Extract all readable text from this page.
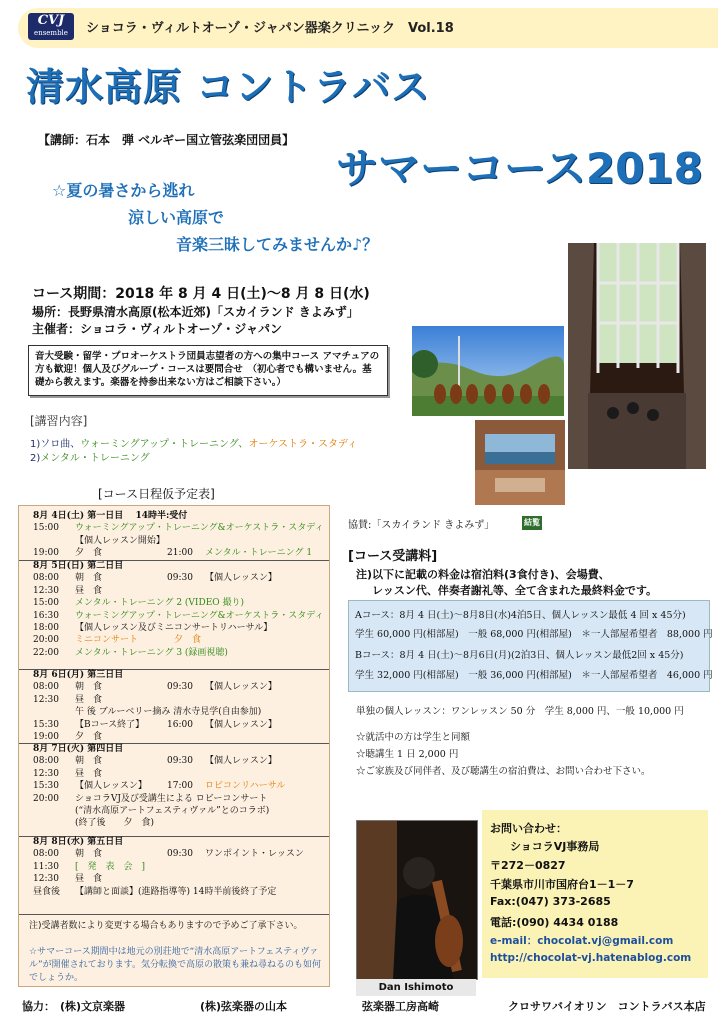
CVJ
ensemble	ショコラ・ヴィルトオーゾ・ジャパン器楽クリニック　Vol.18
清水高原 コントラバス
【講師：石本　弾 ベルギー国立管弦楽団団員】
サマーコース2018
☆夏の暑さから逃れ
涼しい高原で
音楽三昧してみませんか♪？
コース期間：2018 年 8 月 4 日(土)～8 月 8 日(水)
場所：長野県清水高原(松本近郊)「スカイランド きよみず」
主催者：ショコラ・ヴィルトオーゾ・ジャパン
音大受験・留学・プロオーケストラ団員志望者の方への集中コース アマチュアの方も歓迎！個人及びグループ・コースは要問合せ　（初心者でも構いません。基礎から教えます。楽器を持参出来ない方はご相談下さい。）
[講習内容]
1)ソロ曲、ウォーミングアップ・トレーニング、オーケストラ・スタディ
2)メンタル・トレーニング
[コース日程仮予定表]
8月 4日(土) 第一日目　 14時半:受付
15:00 ウォーミングアップ・トレーニング&オーケストラ・スタディ
【個人レッスン開始】
19:00 夕　食	21:00 メンタル・トレーニング 1
8月 5日(日) 第二日目
08:00 朝　食	09:30 【個人レッスン】
12:30 昼　食
15:00 メンタル・トレーニング 2 (VIDEO 撮り)
16:30 ウォーミングアップ・トレーニング&オーケストラ・スタディ
18:00 【個人レッスン及びミニコンサートリハーサル】
20:00 ミニコンサート　　　　夕　食
22:00 メンタル・トレーニング 3 (録画視聴)
8月 6日(月) 第三日目
08:00 朝　食	09:30 【個人レッスン】
12:30 昼　食
午 後 ブルーベリー摘み 清水寺見学(自由参加)
15:30 【Bコース終了】	16:00 【個人レッスン】
19:00 夕　食
8月 7日(火) 第四日目
08:00 朝　食	09:30 【個人レッスン】
12:30 昼　食
15:30 【個人レッスン】 17:00 ロビコンリハーサル
20:00 ショコラVJ及び受講生による ロビーコンサート
(“清水高原アートフェスティヴァル”とのコラボ)
(終了後　　夕　食)
8月 8日(水) 第五日目
08:00 朝　食	09:30 ワンポイント・レッスン
11:30 [　発　表　会　]
12:30 昼　食
昼食後 【講師と面談】(進路指導等) 14時半前後終了予定
注)受講者数により変更する場合もありますので予めご了承下さい。
☆サマーコース期間中は地元の別荘地で“清水高原アートフェスティヴァル”が開催されております。気分転換で高原の散策も兼ね尋ねるのも如何でしょうか。
協賛:「スカイランド きよみず」	結覧
[コース受講料]
注)以下に記載の料金は宿泊料(3食付き)、会場費、
レッスン代、伴奏者謝礼等、全て含まれた最終料金です。
Aコース：8月 4 日(土)～8月8日(水)4泊5日、個人レッスン最低 4 回 x 45分)
学生 60,000 円(相部屋)　一般 68,000 円(相部屋)　＊一人部屋希望者　88,000 円
Bコース：8月 4 日(土)～8月6日(月)(2泊3日、個人レッスン最低2回 x 45分)
学生 32,000 円(相部屋)　一般 36,000 円(相部屋)　＊一人部屋希望者　46,000 円
単独の個人レッスン：ワンレッスン 50 分　学生 8,000 円、一般 10,000 円
☆就活中の方は学生と同額
☆聴講生 1 日 2,000 円
☆ご家族及び同伴者、及び聴講生の宿泊費は、お問い合わせ下さい。
Dan Ishimoto
お問い合わせ：
ショコラVJ事務局
〒272－0827
千葉県市川市国府台1－1－7
Fax:(047) 373-2685
電話:(090) 4434 0188
e-mail：chocolat.vj@gmail.com
http://chocolat-vj.hatenablog.com
協力： (株)文京楽器	(株)弦楽器の山本	弦楽器工房高崎	クロサワバイオリン　コントラバス本店
